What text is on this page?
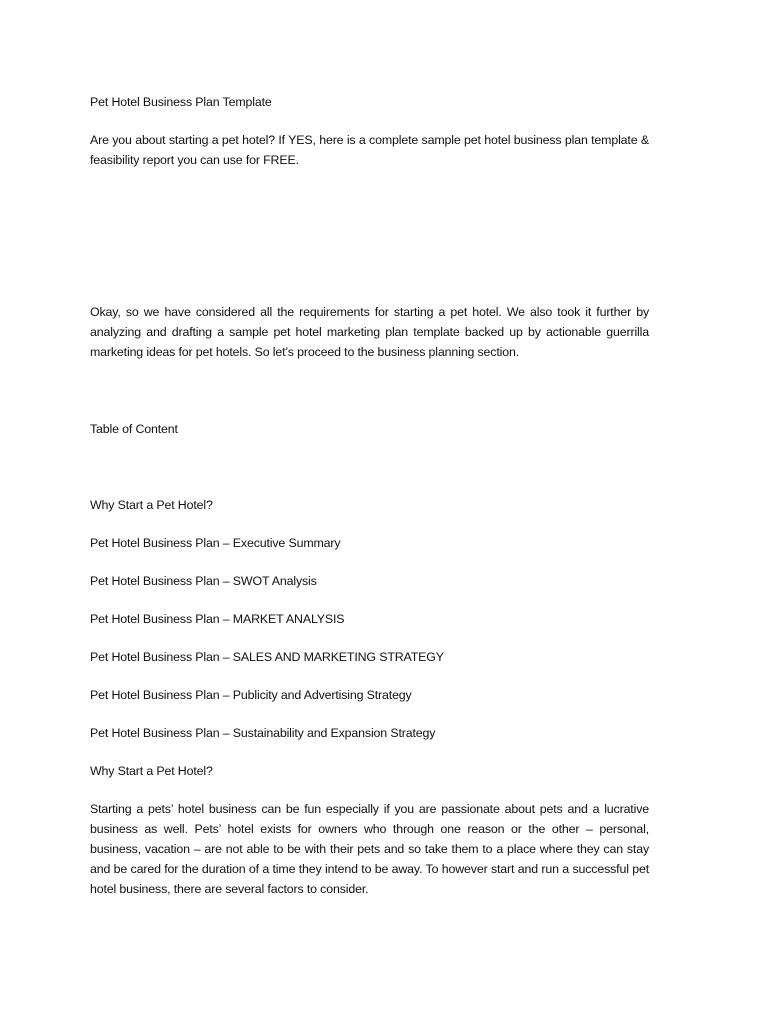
Pet Hotel Business Plan Template

Are you about starting a pet hotel? If YES, here is a complete sample pet hotel business plan template & feasibility report you can use for FREE.

Okay, so we have considered all the requirements for starting a pet hotel. We also took it further by analyzing and drafting a sample pet hotel marketing plan template backed up by actionable guerrilla marketing ideas for pet hotels. So let’s proceed to the business planning section.

Table of Content

Why Start a Pet Hotel?

Pet Hotel Business Plan – Executive Summary

Pet Hotel Business Plan – SWOT Analysis

Pet Hotel Business Plan – MARKET ANALYSIS

Pet Hotel Business Plan – SALES AND MARKETING STRATEGY

Pet Hotel Business Plan – Publicity and Advertising Strategy

Pet Hotel Business Plan – Sustainability and Expansion Strategy

Why Start a Pet Hotel?

Starting a pets’ hotel business can be fun especially if you are passionate about pets and a lucrative business as well. Pets’ hotel exists for owners who through one reason or the other – personal, business, vacation – are not able to be with their pets and so take them to a place where they can stay and be cared for the duration of a time they intend to be away. To however start and run a successful pet hotel business, there are several factors to consider.
